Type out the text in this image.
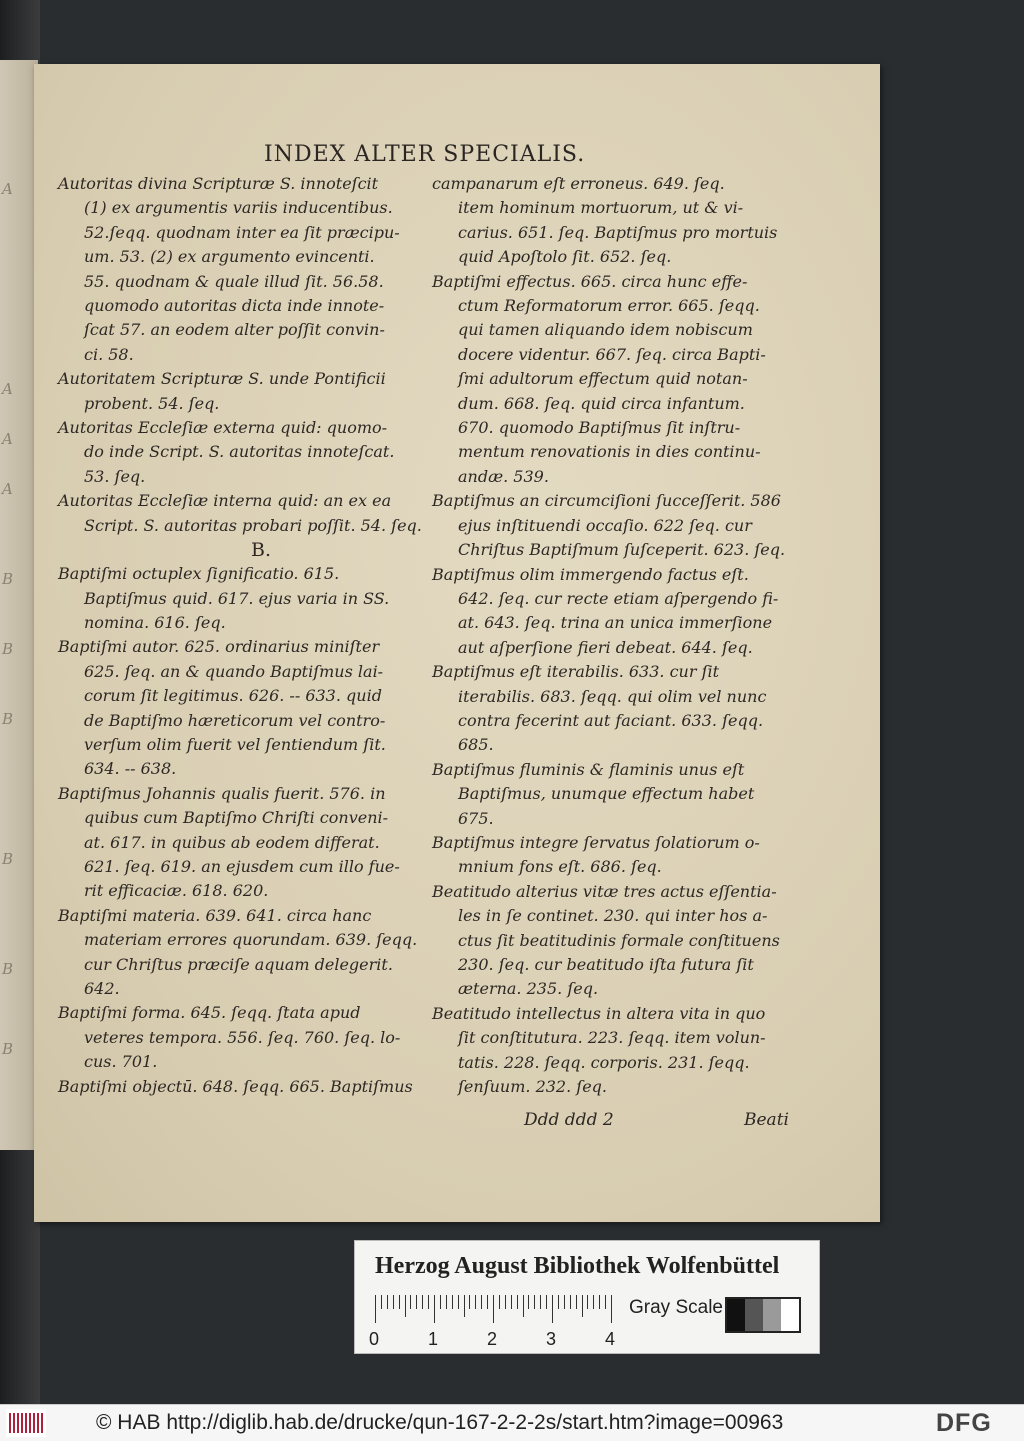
A
A
A
A
B
B
B
B
B
B
INDEX ALTER SPECIALIS.
Autoritas divina Scripturæ S. innoteſcit
(1) ex argumentis variis inducentibus.
52.ſeqq. quodnam inter ea ſit præcipu-
um. 53. (2) ex argumento evincenti.
55. quodnam & quale illud ſit. 56.58.
quomodo autoritas dicta inde innote-
ſcat 57. an eodem alter poſſit convin-
ci. 58.
Autoritatem Scripturæ S. unde Pontificii
probent. 54. ſeq.
Autoritas Eccleſiæ externa quid: quomo-
do inde Script. S. autoritas innoteſcat.
53. ſeq.
Autoritas Eccleſiæ interna quid: an ex ea
Script. S. autoritas probari poſſit. 54. ſeq.
B.
Baptiſmi octuplex ſignificatio. 615.
Baptiſmus quid. 617. ejus varia in SS.
nomina. 616. ſeq.
Baptiſmi autor. 625. ordinarius miniſter
625. ſeq. an & quando Baptiſmus lai-
corum ſit legitimus. 626. -- 633. quid
de Baptiſmo hæreticorum vel contro-
verſum olim fuerit vel ſentiendum ſit.
634. -- 638.
Baptiſmus Johannis qualis fuerit. 576. in
quibus cum Baptiſmo Chriſti conveni-
at. 617. in quibus ab eodem differat.
621. ſeq. 619. an ejusdem cum illo fue-
rit efficaciæ. 618. 620.
Baptiſmi materia. 639. 641. circa hanc
materiam errores quorundam. 639. ſeqq.
cur Chriſtus præciſe aquam delegerit.
642.
Baptiſmi forma. 645. ſeqq. ſtata apud
veteres tempora. 556. ſeq. 760. ſeq. lo-
cus. 701.
Baptiſmi objectū. 648. ſeqq. 665. Baptiſmus
campanarum eſt erroneus. 649. ſeq.
item hominum mortuorum, ut & vi-
carius. 651. ſeq. Baptiſmus pro mortuis
quid Apoſtolo ſit. 652. ſeq.
Baptiſmi effectus. 665. circa hunc effe-
ctum Reformatorum error. 665. ſeqq.
qui tamen aliquando idem nobiscum
docere videntur. 667. ſeq. circa Bapti-
ſmi adultorum effectum quid notan-
dum. 668. ſeq. quid circa infantum.
670. quomodo Baptiſmus ſit inſtru-
mentum renovationis in dies continu-
andæ. 539.
Baptiſmus an circumciſioni ſucceſſerit. 586
ejus inſtituendi occaſio. 622 ſeq. cur
Chriſtus Baptiſmum ſuſceperit. 623. ſeq.
Baptiſmus olim immergendo factus eſt.
642. ſeq. cur recte etiam aſpergendo fi-
at. 643. ſeq. trina an unica immerſione
aut aſperſione fieri debeat. 644. ſeq.
Baptiſmus eſt iterabilis. 633. cur ſit
iterabilis. 683. ſeqq. qui olim vel nunc
contra fecerint aut faciant. 633. ſeqq.
685.
Baptiſmus fluminis & flaminis unus eſt
Baptiſmus, unumque effectum habet
675.
Baptiſmus integre ſervatus ſolatiorum o-
mnium fons eſt. 686. ſeq.
Beatitudo alterius vitæ tres actus eſſentia-
les in ſe continet. 230. qui inter hos a-
ctus ſit beatitudinis formale conſtituens
230. ſeq. cur beatitudo iſta futura ſit
æterna. 235. ſeq.
Beatitudo intellectus in altera vita in quo
ſit conſtitutura. 223. ſeqq. item volun-
tatis. 228. ſeqq. corporis. 231. ſeqq.
ſenſuum. 232. ſeq.
Ddd ddd 2	Beati
Herzog August Bibliothek Wolfenbüttel
0	1	2	3	4
Gray Scale
© HAB http://diglib.hab.de/drucke/qun-167-2-2-2s/start.htm?image=00963	DFG
